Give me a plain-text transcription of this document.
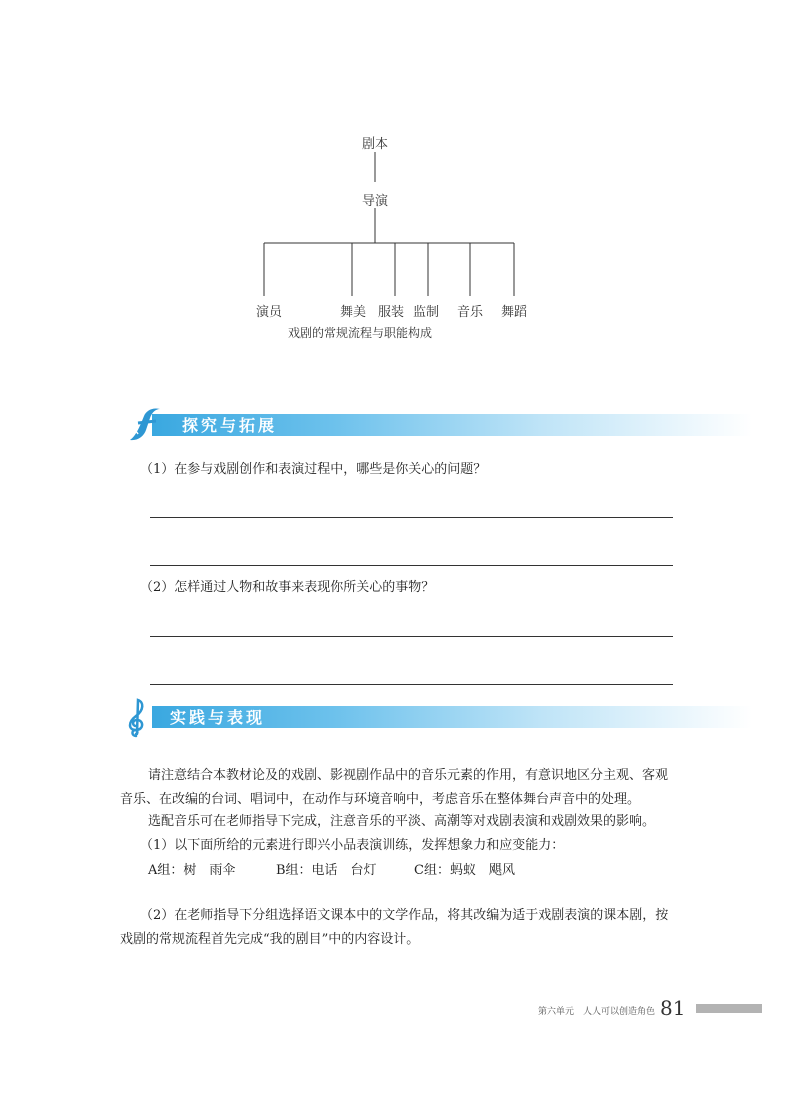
剧本
导演
演员	舞美 服装 监制 音乐 舞蹈
戏剧的常规流程与职能构成
探究与拓展
（1）在参与戏剧创作和表演过程中，哪些是你关心的问题？
（2）怎样通过人物和故事来表现你所关心的事物？
实践与表现
请注意结合本教材论及的戏剧、影视剧作品中的音乐元素的作用，有意识地区分主观、客观
音乐、在改编的台词、唱词中，在动作与环境音响中，考虑音乐在整体舞台声音中的处理。
选配音乐可在老师指导下完成，注意音乐的平淡、高潮等对戏剧表演和戏剧效果的影响。
（1）以下面所给的元素进行即兴小品表演训练，发挥想象力和应变能力：
A组：树　雨伞	B组：电话　台灯	C组：蚂蚁　飓风
（2）在老师指导下分组选择语文课本中的文学作品，将其改编为适于戏剧表演的课本剧，按
戏剧的常规流程首先完成“我的剧目”中的内容设计。
第六单元　人人可以创造角色 81
